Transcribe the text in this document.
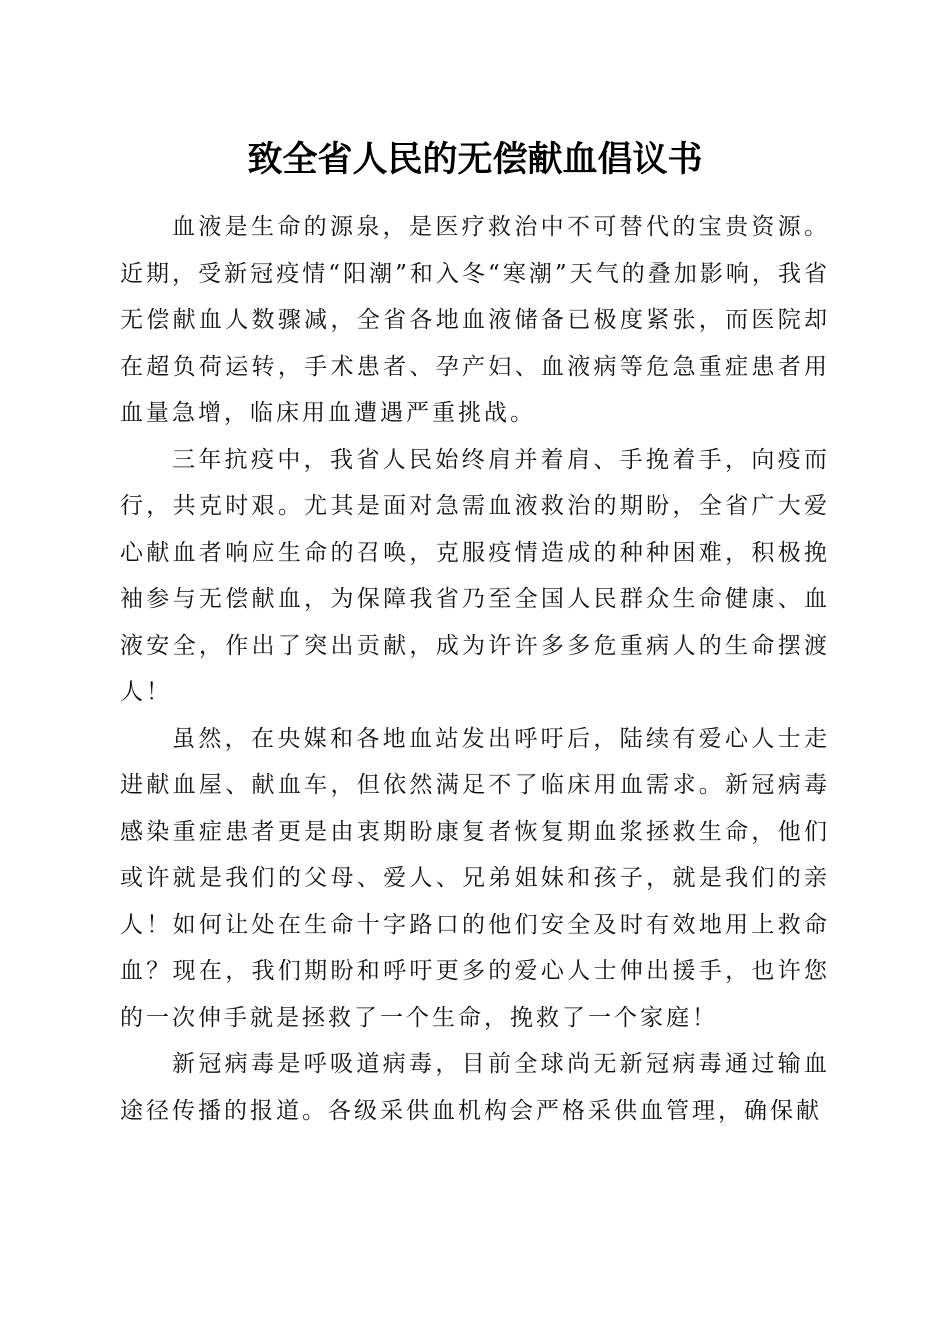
致全省人民的无偿献血倡议书

血液是生命的源泉，是医疗救治中不可替代的宝贵资源。近期，受新冠疫情“阳潮”和入冬“寒潮”天气的叠加影响，我省无偿献血人数骤减，全省各地血液储备已极度紧张，而医院却在超负荷运转，手术患者、孕产妇、血液病等危急重症患者用血量急增，临床用血遭遇严重挑战。

三年抗疫中，我省人民始终肩并着肩、手挽着手，向疫而行，共克时艰。尤其是面对急需血液救治的期盼，全省广大爱心献血者响应生命的召唤，克服疫情造成的种种困难，积极挽袖参与无偿献血，为保障我省乃至全国人民群众生命健康、血液安全，作出了突出贡献，成为许许多多危重病人的生命摆渡人！

虽然，在央媒和各地血站发出呼吁后，陆续有爱心人士走进献血屋、献血车，但依然满足不了临床用血需求。新冠病毒感染重症患者更是由衷期盼康复者恢复期血浆拯救生命，他们或许就是我们的父母、爱人、兄弟姐妹和孩子，就是我们的亲人！如何让处在生命十字路口的他们安全及时有效地用上救命血？现在，我们期盼和呼吁更多的爱心人士伸出援手，也许您的一次伸手就是拯救了一个生命，挽救了一个家庭！

新冠病毒是呼吸道病毒，目前全球尚无新冠病毒通过输血途径传播的报道。各级采供血机构会严格采供血管理，确保献
